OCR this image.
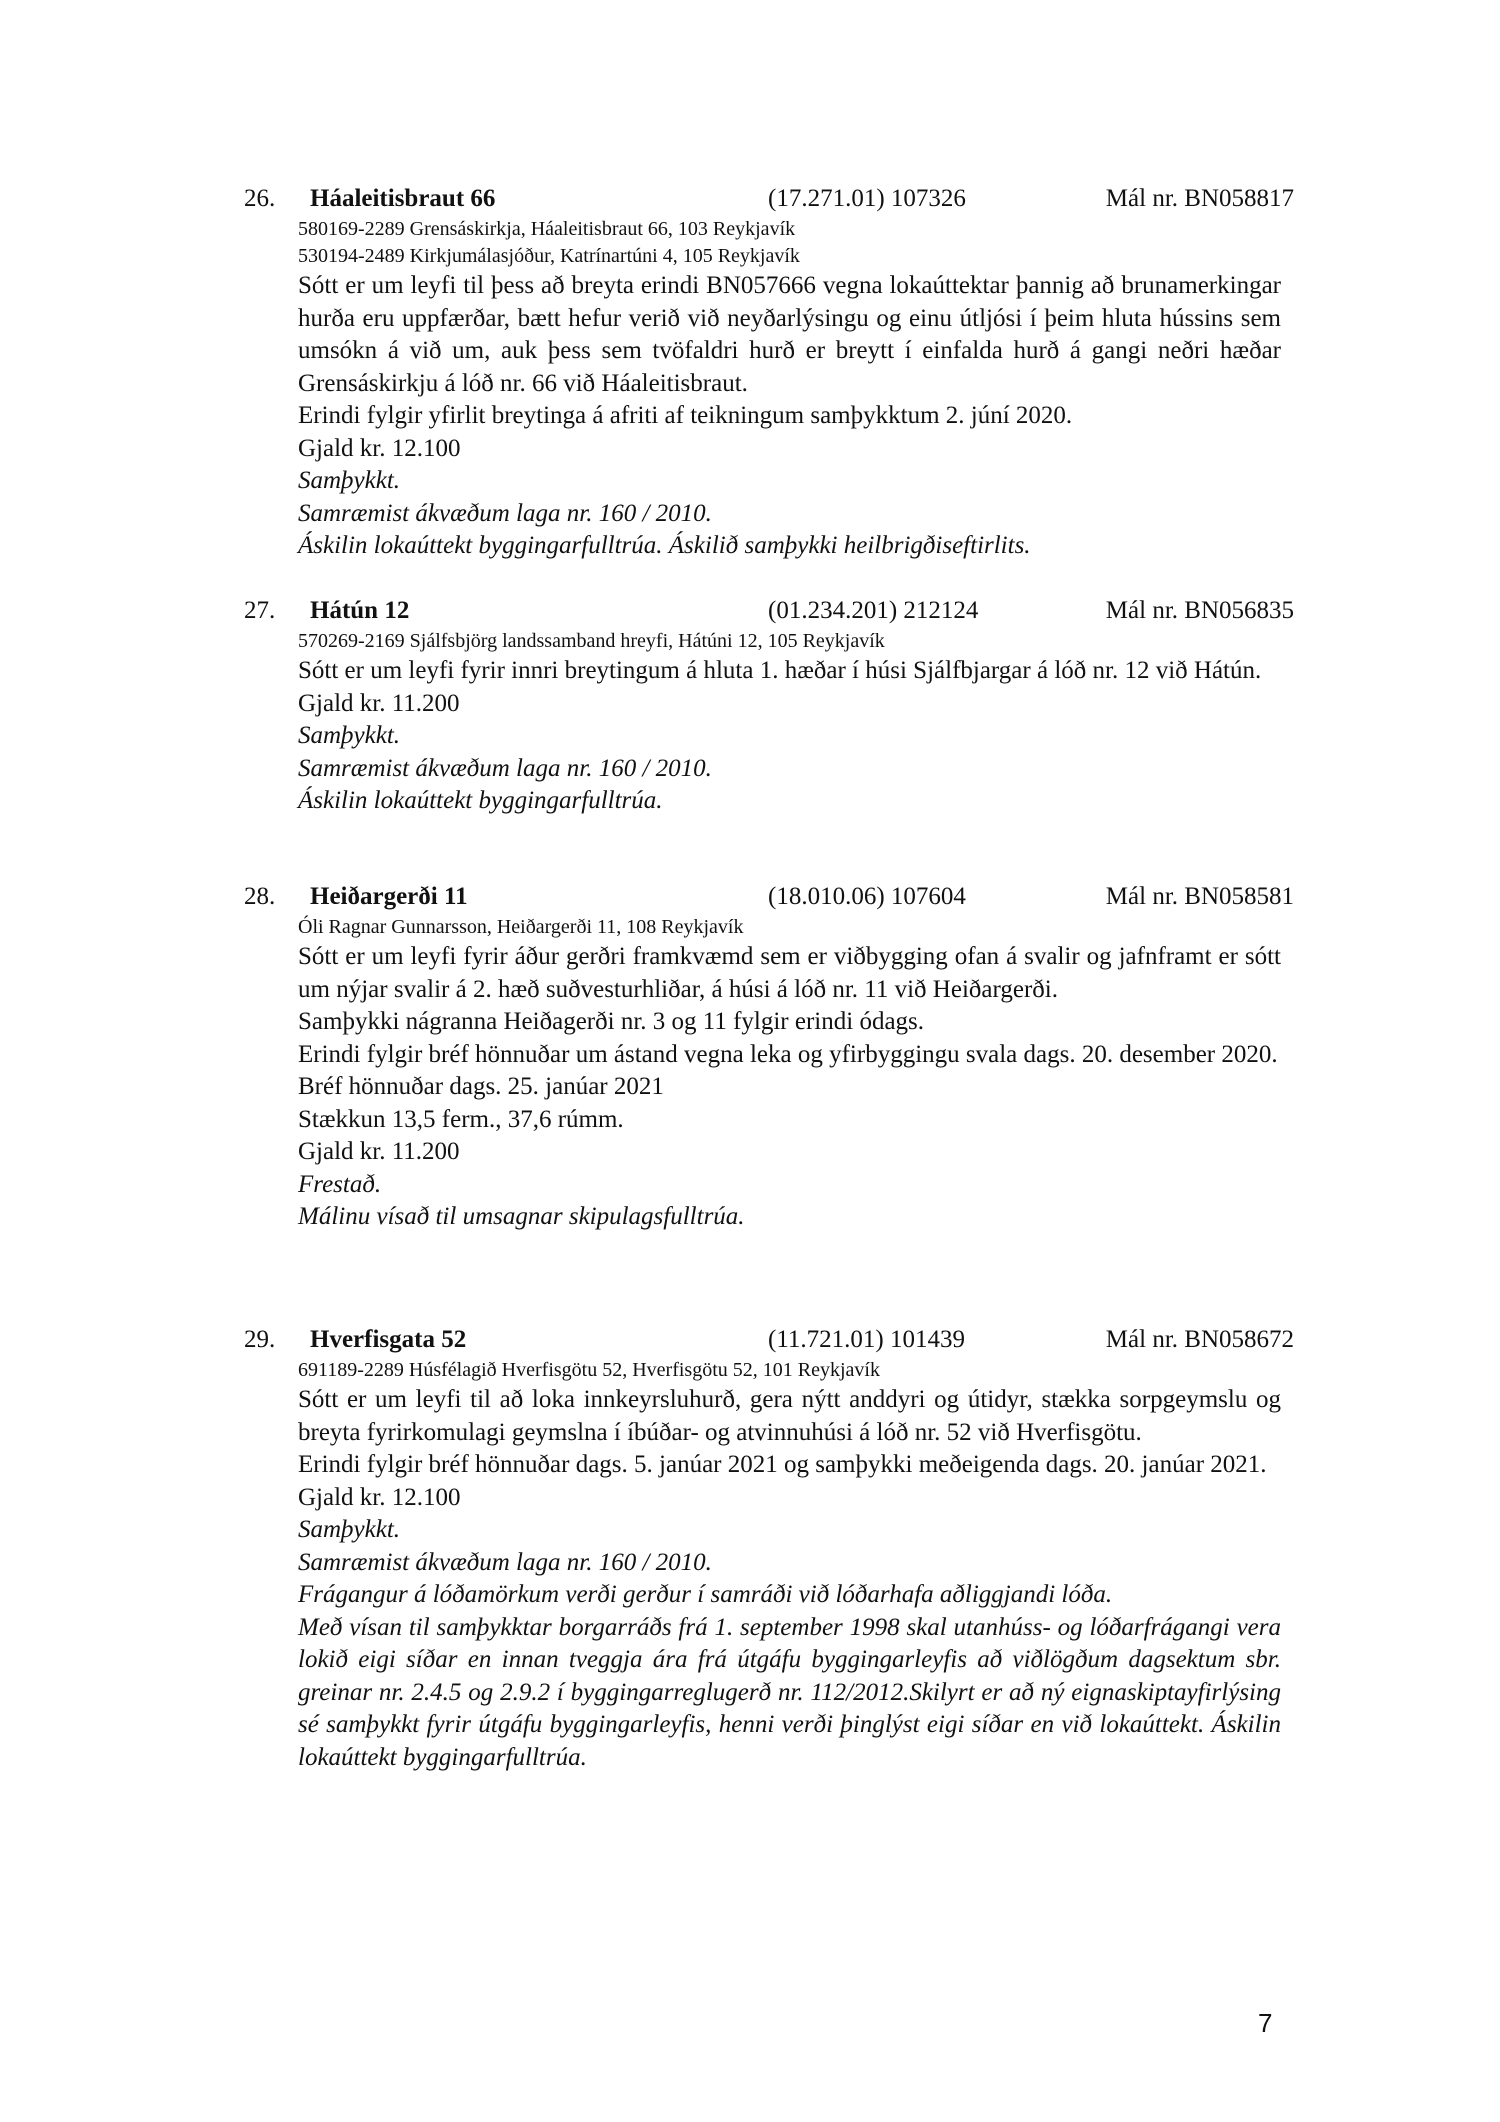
26. Háaleitisbraut 66	(17.271.01) 107326	Mál nr. BN058817
580169-2289 Grensáskirkja, Háaleitisbraut 66, 103 Reykjavík
530194-2489 Kirkjumálasjóður, Katrínartúni 4, 105 Reykjavík

Sótt er um leyfi til þess að breyta erindi BN057666 vegna lokaúttektar þannig að brunamerkingar hurða eru uppfærðar, bætt hefur verið við neyðarlýsingu og einu útljósi í þeim hluta hússins sem umsókn á við um, auk þess sem tvöfaldri hurð er breytt í einfalda hurð á gangi neðri hæðar Grensáskirkju á lóð nr. 66 við Háaleitisbraut.

Erindi fylgir yfirlit breytinga á afriti af teikningum samþykktum 2. júní 2020.
Gjald kr. 12.100
Samþykkt.
Samræmist ákvæðum laga nr. 160 / 2010.
Áskilin lokaúttekt byggingarfulltrúa. Áskilið samþykki heilbrigðiseftirlits.
27. Hátún 12	(01.234.201) 212124	Mál nr. BN056835
570269-2169 Sjálfsbjörg landssamband hreyfi, Hátúni 12, 105 Reykjavík

Sótt er um leyfi fyrir innri breytingum á hluta 1. hæðar í húsi Sjálfbjargar á lóð nr. 12 við Hátún.

Gjald kr. 11.200
Samþykkt.
Samræmist ákvæðum laga nr. 160 / 2010.
Áskilin lokaúttekt byggingarfulltrúa.
28. Heiðargerði 11	(18.010.06) 107604	Mál nr. BN058581
Óli Ragnar Gunnarsson, Heiðargerði 11, 108 Reykjavík

Sótt er um leyfi fyrir áður gerðri framkvæmd sem er viðbygging ofan á svalir og jafnframt er sótt um nýjar svalir á 2. hæð suðvesturhliðar, á húsi á lóð nr. 11 við Heiðargerði.

Samþykki nágranna Heiðagerði nr. 3 og 11 fylgir erindi ódags.
Erindi fylgir bréf hönnuðar um ástand vegna leka og yfirbyggingu svala dags. 20. desember 2020.
Bréf hönnuðar dags. 25. janúar 2021
Stækkun 13,5 ferm., 37,6 rúmm.
Gjald kr. 11.200
Frestað.
Málinu vísað til umsagnar skipulagsfulltrúa.
29. Hverfisgata 52	(11.721.01) 101439	Mál nr. BN058672
691189-2289 Húsfélagið Hverfisgötu 52, Hverfisgötu 52, 101 Reykjavík

Sótt er um leyfi til að loka innkeyrsluhurð, gera nýtt anddyri og útidyr, stækka sorpgeymslu og breyta fyrirkomulagi geymslna í íbúðar- og atvinnuhúsi á lóð nr. 52 við Hverfisgötu.

Erindi fylgir bréf hönnuðar dags. 5. janúar 2021 og samþykki meðeigenda dags. 20. janúar 2021.
Gjald kr. 12.100
Samþykkt.
Samræmist ákvæðum laga nr. 160 / 2010.
Frágangur á lóðamörkum verði gerður í samráði við lóðarhafa aðliggjandi lóða.

Með vísan til samþykktar borgarráðs frá 1. september 1998 skal utanhúss- og lóðarfrágangi vera lokið eigi síðar en innan tveggja ára frá útgáfu byggingarleyfis að viðlögðum dagsektum sbr. greinar nr. 2.4.5 og 2.9.2 í byggingarreglugerð nr. 112/2012.Skilyrt er að ný eignaskiptayfirlýsing sé samþykkt fyrir útgáfu byggingarleyfis, henni verði þinglýst eigi síðar en við lokaúttekt. Áskilin lokaúttekt byggingarfulltrúa.

7
